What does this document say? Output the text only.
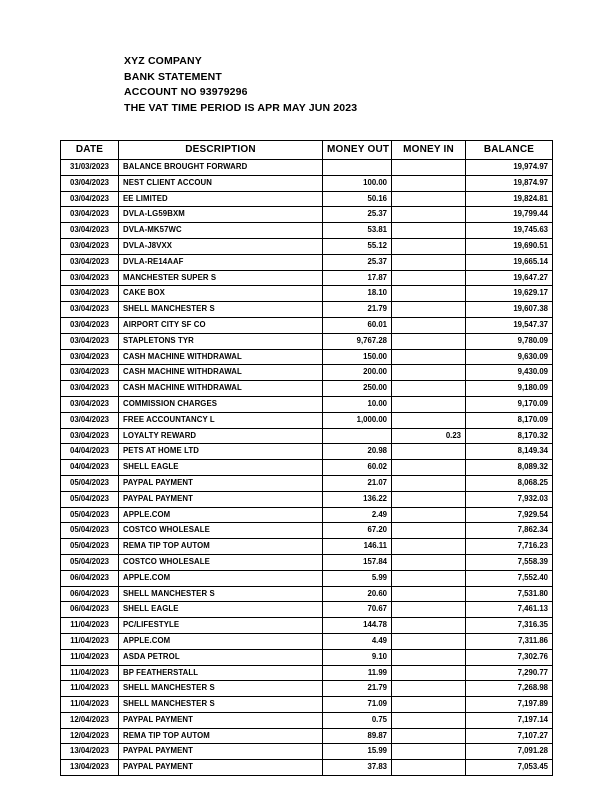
XYZ COMPANY
BANK STATEMENT
ACCOUNT NO 93979296
THE VAT TIME PERIOD IS APR MAY JUN 2023
DATE	DESCRIPTION	MONEY OUT	MONEY IN	BALANCE
31/03/2023	BALANCE BROUGHT FORWARD			19,974.97
03/04/2023	NEST CLIENT ACCOUN	100.00		19,874.97
03/04/2023	EE LIMITED	50.16		19,824.81
03/04/2023	DVLA-LG59BXM	25.37		19,799.44
03/04/2023	DVLA-MK57WC	53.81		19,745.63
03/04/2023	DVLA-J8VXX	55.12		19,690.51
03/04/2023	DVLA-RE14AAF	25.37		19,665.14
03/04/2023	MANCHESTER SUPER S	17.87		19,647.27
03/04/2023	CAKE BOX	18.10		19,629.17
03/04/2023	SHELL MANCHESTER S	21.79		19,607.38
03/04/2023	AIRPORT CITY SF CO	60.01		19,547.37
03/04/2023	STAPLETONS TYR	9,767.28		9,780.09
03/04/2023	CASH MACHINE WITHDRAWAL	150.00		9,630.09
03/04/2023	CASH MACHINE WITHDRAWAL	200.00		9,430.09
03/04/2023	CASH MACHINE WITHDRAWAL	250.00		9,180.09
03/04/2023	COMMISSION CHARGES	10.00		9,170.09
03/04/2023	FREE ACCOUNTANCY L	1,000.00		8,170.09
03/04/2023	LOYALTY REWARD		0.23	8,170.32
04/04/2023	PETS AT HOME LTD	20.98		8,149.34
04/04/2023	SHELL EAGLE	60.02		8,089.32
05/04/2023	PAYPAL PAYMENT	21.07		8,068.25
05/04/2023	PAYPAL PAYMENT	136.22		7,932.03
05/04/2023	APPLE.COM	2.49		7,929.54
05/04/2023	COSTCO WHOLESALE	67.20		7,862.34
05/04/2023	REMA TIP TOP AUTOM	146.11		7,716.23
05/04/2023	COSTCO WHOLESALE	157.84		7,558.39
06/04/2023	APPLE.COM	5.99		7,552.40
06/04/2023	SHELL MANCHESTER S	20.60		7,531.80
06/04/2023	SHELL EAGLE	70.67		7,461.13
11/04/2023	PC/LIFESTYLE	144.78		7,316.35
11/04/2023	APPLE.COM	4.49		7,311.86
11/04/2023	ASDA PETROL	9.10		7,302.76
11/04/2023	BP FEATHERSTALL	11.99		7,290.77
11/04/2023	SHELL MANCHESTER S	21.79		7,268.98
11/04/2023	SHELL MANCHESTER S	71.09		7,197.89
12/04/2023	PAYPAL PAYMENT	0.75		7,197.14
12/04/2023	REMA TIP TOP AUTOM	89.87		7,107.27
13/04/2023	PAYPAL PAYMENT	15.99		7,091.28
13/04/2023	PAYPAL PAYMENT	37.83		7,053.45
